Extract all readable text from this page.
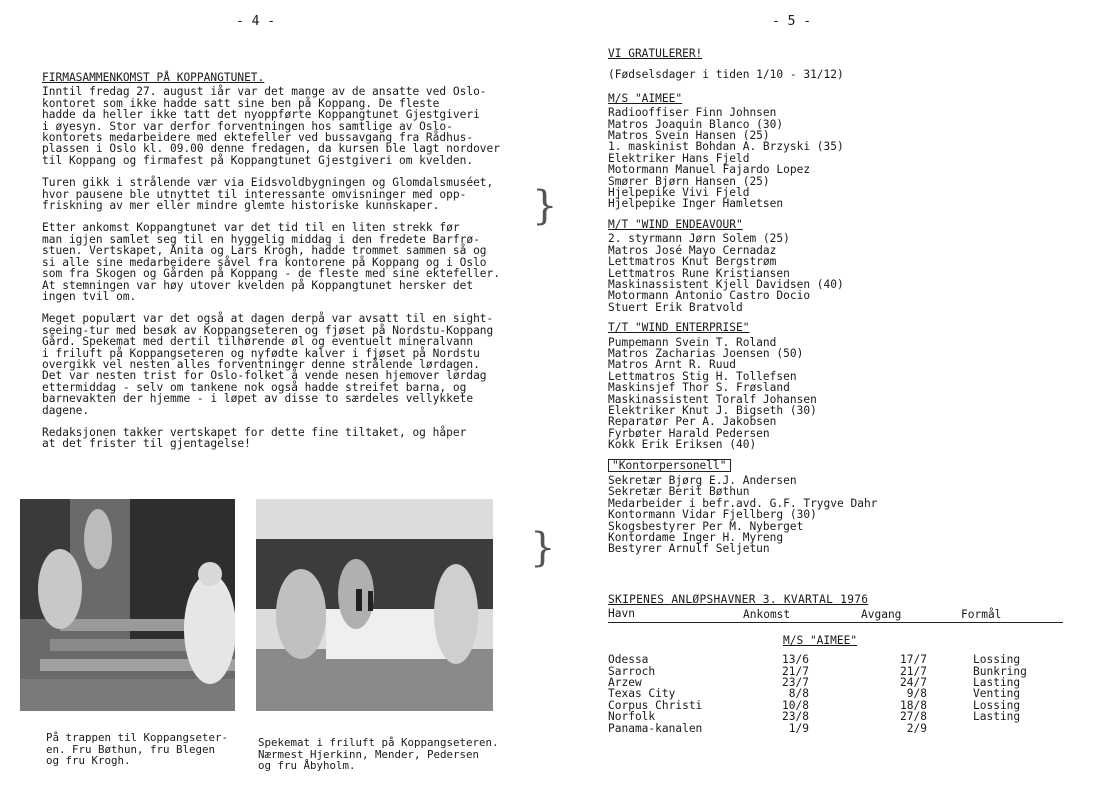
- 4 -	- 5 -
FIRMASAMMENKOMST PÅ KOPPANGTUNET.
Inntil fredag 27. august iår var det mange av de ansatte ved Oslo-
kontoret som ikke hadde satt sine ben på Koppang. De fleste
hadde da heller ikke tatt det nyoppførte Koppangtunet Gjestgiveri
i øyesyn. Stor var derfor forventningen hos samtlige av Oslo-
kontorets medarbeidere med ektefeller ved bussavgang fra Rådhus-
plassen i Oslo kl. 09.00 denne fredagen, da kursen ble lagt nordover
til Koppang og firmafest på Koppangtunet Gjestgiveri om kvelden.
Turen gikk i strålende vær via Eidsvoldbygningen og Glomdalsmuséet,
hvor pausene ble utnyttet til interessante omvisninger med opp-
friskning av mer eller mindre glemte historiske kunnskaper.
Etter ankomst Koppangtunet var det tid til en liten strekk før
man igjen samlet seg til en hyggelig middag i den fredete Barfrø-
stuen. Vertskapet, Anita og Lars Krogh, hadde trommet sammen så og
si alle sine medarbeidere såvel fra kontorene på Koppang og i Oslo
som fra Skogen og Gården på Koppang - de fleste med sine ektefeller.
At stemningen var høy utover kvelden på Koppangtunet hersker det
ingen tvil om.
Meget populært var det også at dagen derpå var avsatt til en sight-
seeing-tur med besøk av Koppangseteren og fjøset på Nordstu-Koppang
Gård. Spekemat med dertil tilhørende øl og eventuelt mineralvann
i friluft på Koppangseteren og nyfødte kalver i fjøset på Nordstu
overgikk vel nesten alles forventninger denne strålende lørdagen.
Det var nesten trist for Oslo-folket å vende nesen hjemover lørdag
ettermiddag - selv om tankene nok også hadde streifet barna, og
barnevakten der hjemme - i løpet av disse to særdeles vellykkete
dagene.
Redaksjonen takker vertskapet for dette fine tiltaket, og håper
at det frister til gjentagelse!
På trappen til Koppangseter-
en. Fru Bøthun, fru Blegen
og fru Krogh.
Spekemat i friluft på Koppangseteren.
Nærmest Hjerkinn, Mender, Pedersen
og fru Åbyholm.
}
}
VI GRATULERER!
(Fødselsdager i tiden 1/10 - 31/12)
M/S "AIMEE"
Radiooffiser Finn Johnsen
Matros Joaquin Blanco (30)
Matros Svein Hansen (25)
1. maskinist Bohdan A. Brzyski (35)
Elektriker Hans Fjeld
Motormann Manuel Fajardo Lopez
Smører Bjørn Hansen (25)
Hjelpepike Vivi Fjeld
Hjelpepike Inger Hamletsen
M/T "WIND ENDEAVOUR"
2. styrmann Jørn Solem (25)
Matros José Mayo Cernadaz
Lettmatros Knut Bergstrøm
Lettmatros Rune Kristiansen
Maskinassistent Kjell Davidsen (40)
Motormann Antonio Castro Docio
Stuert Erik Bratvold
T/T "WIND ENTERPRISE"
Pumpemann Svein T. Roland
Matros Zacharias Joensen (50)
Matros Arnt R. Ruud
Lettmatros Stig H. Tollefsen
Maskinsjef Thor S. Frøsland
Maskinassistent Toralf Johansen
Elektriker Knut J. Bigseth (30)
Reparatør Per A. Jakobsen
Fyrbøter Harald Pedersen
Kokk Erik Eriksen (40)
"Kontorpersonell"
Sekretær Bjørg E.J. Andersen
Sekretær Berit Bøthun
Medarbeider i befr.avd. G.F. Trygve Dahr
Kontormann Vidar Fjellberg (30)
Skogsbestyrer Per M. Nyberget
Kontordame Inger H. Myreng
Bestyrer Arnulf Seljetun
SKIPENES ANLØPSHAVNER 3. KVARTAL 1976
Havn	Ankomst	Avgang	Formål
	M/S "AIMEE"		
Odessa	13/6	17/7	Lossing
Sarroch	21/7	21/7	Bunkring
Arzew	23/7	24/7	Lasting
Texas City	8/8	9/8	Venting
Corpus Christi	10/8	18/8	Lossing
Norfolk	23/8	27/8	Lasting
Panama-kanalen	1/9	2/9	
